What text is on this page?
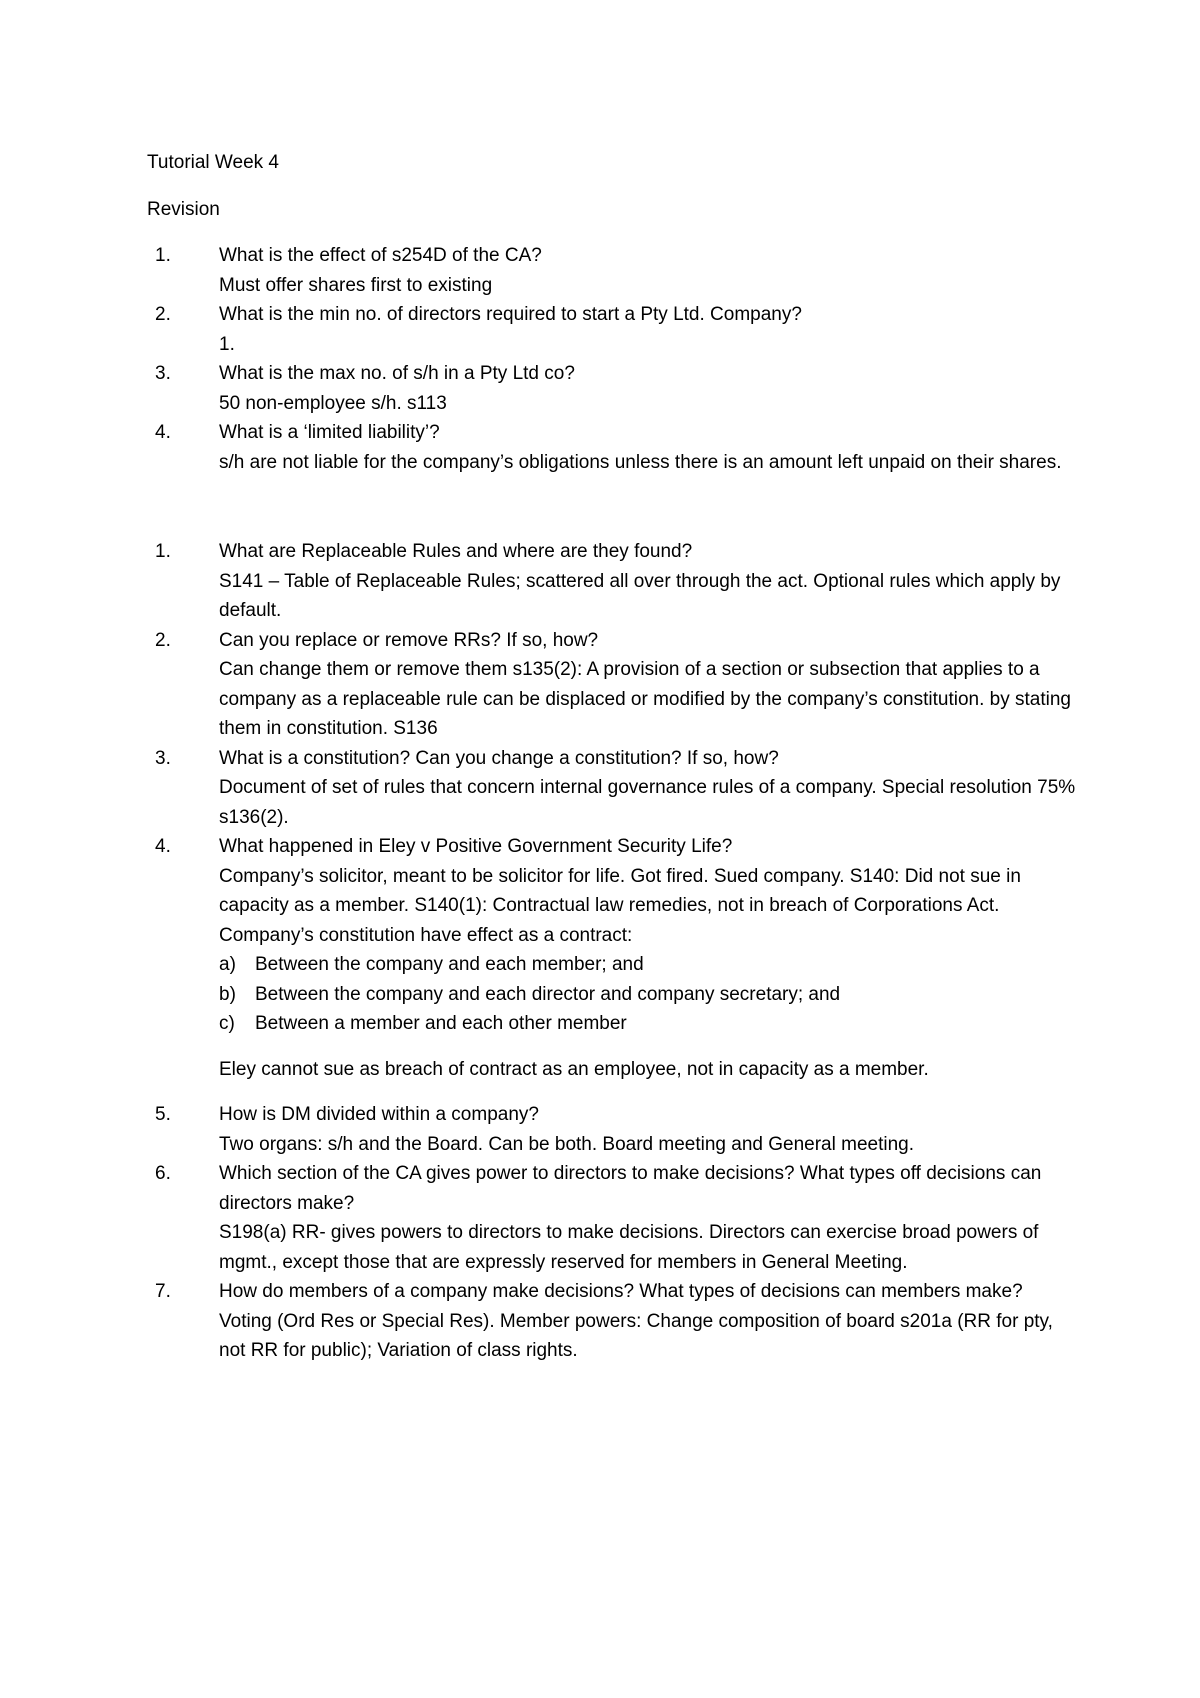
Tutorial Week 4

Revision

1.	What is the effect of s254D of the CA?
Must offer shares first to existing
2.	What is the min no. of directors required to start a Pty Ltd. Company?
1.
3.	What is the max no. of s/h in a Pty Ltd co?
50 non-employee s/h. s113
4.	What is a ‘limited liability’?
s/h are not liable for the company’s obligations unless there is an amount left unpaid on their shares.
1.	What are Replaceable Rules and where are they found?
S141 – Table of Replaceable Rules; scattered all over through the act. Optional rules which apply by default.
2.	Can you replace or remove RRs? If so, how?
Can change them or remove them s135(2): A provision of a section or subsection that applies to a company as a replaceable rule can be displaced or modified by the company’s constitution. by stating them in constitution. S136
3.	What is a constitution? Can you change a constitution? If so, how?
Document of set of rules that concern internal governance rules of a company. Special resolution 75% s136(2).
4.	What happened in Eley v Positive Government Security Life?
Company’s solicitor, meant to be solicitor for life. Got fired. Sued company. S140: Did not sue in capacity as a member. S140(1): Contractual law remedies, not in breach of Corporations Act. Company’s constitution have effect as a contract:
a) Between the company and each member; and
b) Between the company and each director and company secretary; and
c) Between a member and each other member
Eley cannot sue as breach of contract as an employee, not in capacity as a member.
5.	How is DM divided within a company?
Two organs: s/h and the Board. Can be both. Board meeting and General meeting.
6.	Which section of the CA gives power to directors to make decisions? What types off decisions can directors make?
S198(a) RR- gives powers to directors to make decisions. Directors can exercise broad powers of mgmt., except those that are expressly reserved for members in General Meeting.
7.	How do members of a company make decisions? What types of decisions can members make?
Voting (Ord Res or Special Res). Member powers: Change composition of board s201a (RR for pty, not RR for public); Variation of class rights.
